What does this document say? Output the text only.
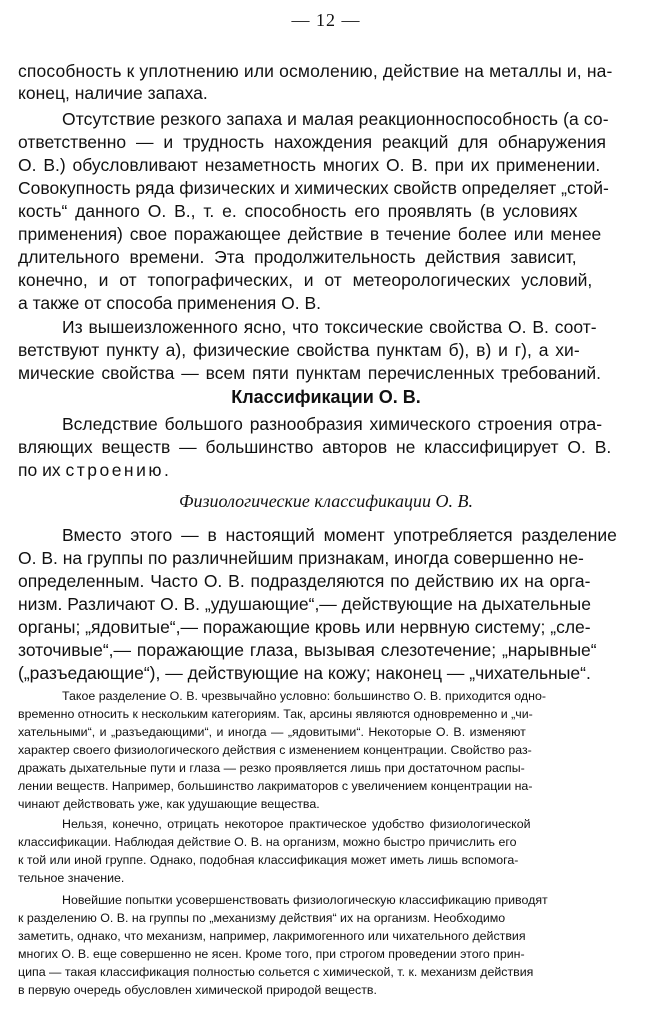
— 12 —
способность к уплотнению или осмолению, действие на металлы и, на-
конец, наличие запаха.
Отсутствие резкого запаха и малая реакционноспособность (а со-
ответственно — и трудность нахождения реакций для обнаружения
О. В.) обусловливают незаметность многих О. В. при их применении.
Совокупность ряда физических и химических свойств определяет „стой-
кость“ данного О. В., т. е. способность его проявлять (в условиях
применения) свое поражающее действие в течение более или менее
длительного времени. Эта продолжительность действия зависит,
конечно, и от топографических, и от метеорологических условий,
а также от способа применения О. В.
Из вышеизложенного ясно, что токсические свойства О. В. соот-
ветствуют пункту а), физические свойства пунктам б), в) и г), а хи-
мические свойства — всем пяти пунктам перечисленных требований.
Классификации О. В.
Вследствие большого разнообразия химического строения отра-
вляющих веществ — большинство авторов не классифицирует О. В.
по их строению.
Физиологические классификации О. В.
Вместо этого — в настоящий момент употребляется разделение
О. В. на группы по различнейшим признакам, иногда совершенно не-
определенным. Часто О. В. подразделяются по действию их на орга-
низм. Различают О. В. „удушающие“,— действующие на дыхательные
органы; „ядовитые“,— поражающие кровь или нервную систему; „сле-
зоточивые“,— поражающие глаза, вызывая слезотечение; „нарывные“
(„разъедающие“), — действующие на кожу; наконец — „чихательные“.
Такое разделение О. В. чрезвычайно условно: большинство О. В. приходится одно-
временно относить к нескольким категориям. Так, арсины являются одновременно и „чи-
хательными“, и „разъедающими“, и иногда — „ядовитыми“. Некоторые О. В. изменяют
характер своего физиологического действия с изменением концентрации. Свойство раз-
дражать дыхательные пути и глаза — резко проявляется лишь при достаточном распы-
лении веществ. Например, большинство лакриматоров с увеличением концентрации на-
чинают действовать уже, как удушающие вещества.
Нельзя, конечно, отрицать некоторое практическое удобство физиологической
классификации. Наблюдая действие О. В. на организм, можно быстро причислить его
к той или иной группе. Однако, подобная классификация может иметь лишь вспомога-
тельное значение.
Новейшие попытки усовершенствовать физиологическую классификацию приводят
к разделению О. В. на группы по „механизму действия“ их на организм. Необходимо
заметить, однако, что механизм, например, лакримогенного или чихательного действия
многих О. В. еще совершенно не ясен. Кроме того, при строгом проведении этого прин-
ципа — такая классификация полностью сольется с химической, т. к. механизм действия
в первую очередь обусловлен химической природой веществ.
